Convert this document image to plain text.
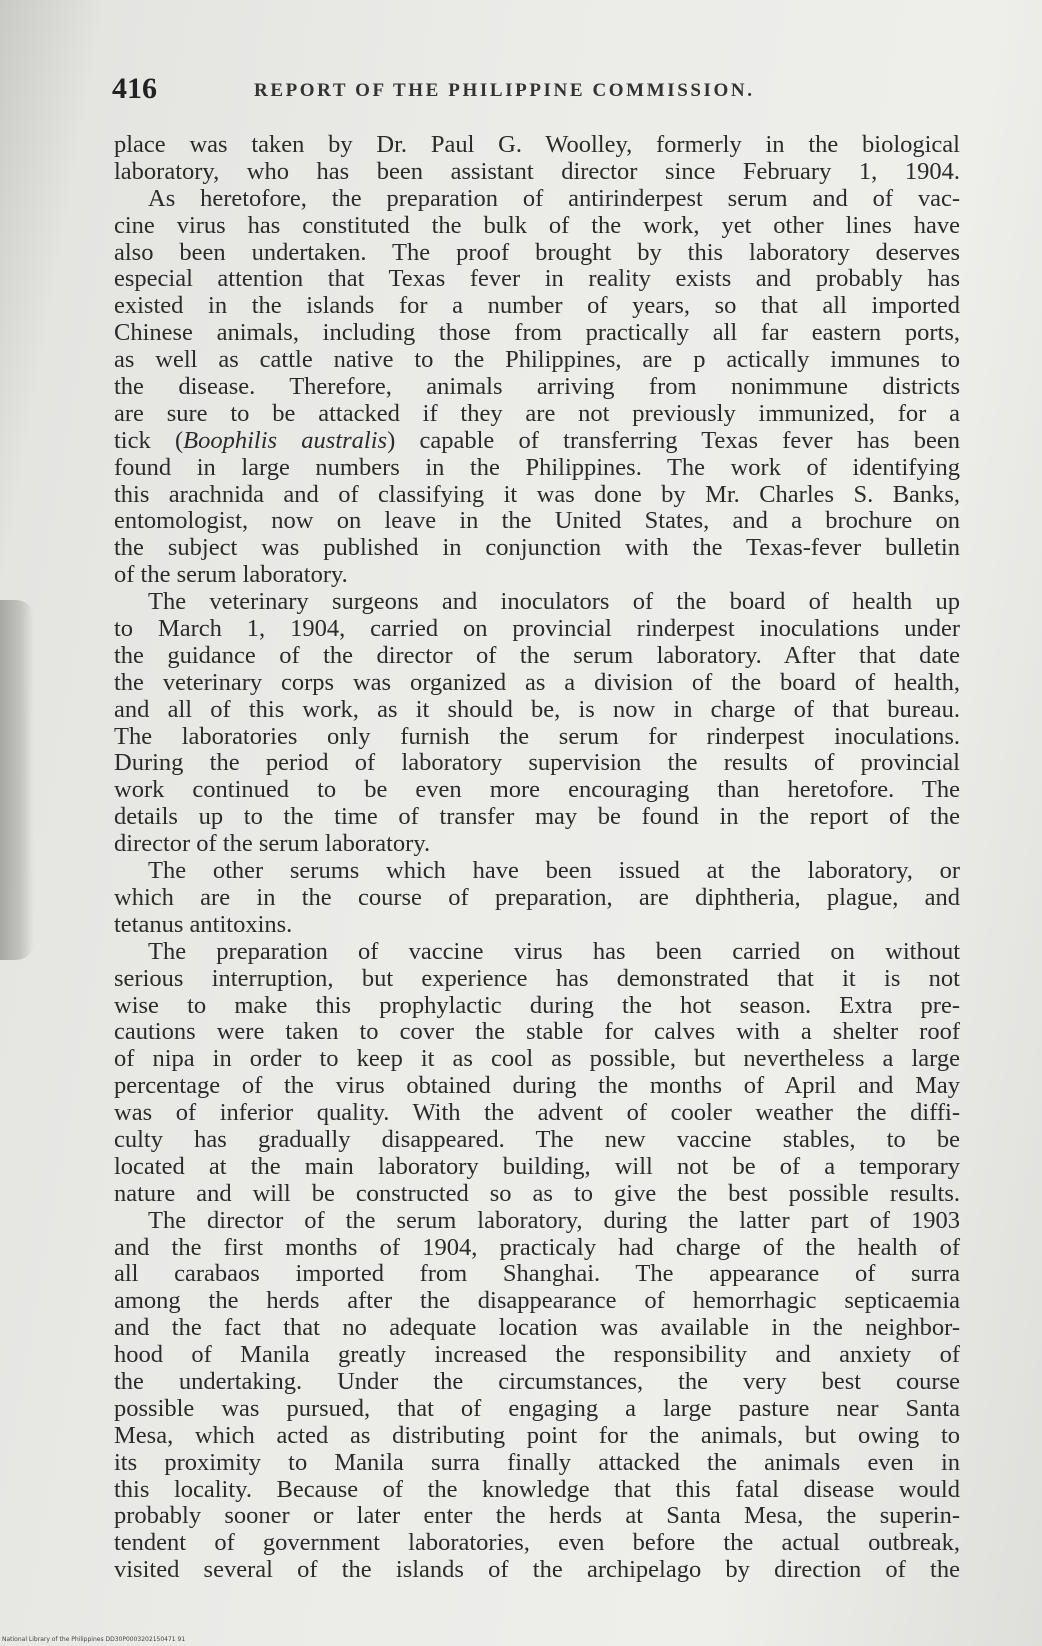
416	REPORT OF THE PHILIPPINE COMMISSION.
place was taken by Dr. Paul G. Woolley, formerly in the biological
laboratory, who has been assistant director since February 1, 1904.
As heretofore, the preparation of antirinderpest serum and of vac-
cine virus has constituted the bulk of the work, yet other lines have
also been undertaken. The proof brought by this laboratory deserves
especial attention that Texas fever in reality exists and probably has
existed in the islands for a number of years, so that all imported
Chinese animals, including those from practically all far eastern ports,
as well as cattle native to the Philippines, are p actically immunes to
the disease. Therefore, animals arriving from nonimmune districts
are sure to be attacked if they are not previously immunized, for a
tick (Boophilis australis) capable of transferring Texas fever has been
found in large numbers in the Philippines. The work of identifying
this arachnida and of classifying it was done by Mr. Charles S. Banks,
entomologist, now on leave in the United States, and a brochure on
the subject was published in conjunction with the Texas-fever bulletin
of the serum laboratory.
The veterinary surgeons and inoculators of the board of health up
to March 1, 1904, carried on provincial rinderpest inoculations under
the guidance of the director of the serum laboratory. After that date
the veterinary corps was organized as a division of the board of health,
and all of this work, as it should be, is now in charge of that bureau.
The laboratories only furnish the serum for rinderpest inoculations.
During the period of laboratory supervision the results of provincial
work continued to be even more encouraging than heretofore. The
details up to the time of transfer may be found in the report of the
director of the serum laboratory.
The other serums which have been issued at the laboratory, or
which are in the course of preparation, are diphtheria, plague, and
tetanus antitoxins.
The preparation of vaccine virus has been carried on without
serious interruption, but experience has demonstrated that it is not
wise to make this prophylactic during the hot season. Extra pre-
cautions were taken to cover the stable for calves with a shelter roof
of nipa in order to keep it as cool as possible, but nevertheless a large
percentage of the virus obtained during the months of April and May
was of inferior quality. With the advent of cooler weather the diffi-
culty has gradually disappeared. The new vaccine stables, to be
located at the main laboratory building, will not be of a temporary
nature and will be constructed so as to give the best possible results.
The director of the serum laboratory, during the latter part of 1903
and the first months of 1904, practicaly had charge of the health of
all carabaos imported from Shanghai. The appearance of surra
among the herds after the disappearance of hemorrhagic septicaemia
and the fact that no adequate location was available in the neighbor-
hood of Manila greatly increased the responsibility and anxiety of
the undertaking. Under the circumstances, the very best course
possible was pursued, that of engaging a large pasture near Santa
Mesa, which acted as distributing point for the animals, but owing to
its proximity to Manila surra finally attacked the animals even in
this locality. Because of the knowledge that this fatal disease would
probably sooner or later enter the herds at Santa Mesa, the superin-
tendent of government laboratories, even before the actual outbreak,
visited several of the islands of the archipelago by direction of the
National Library of the Philippines DD30P0003202150471 91
